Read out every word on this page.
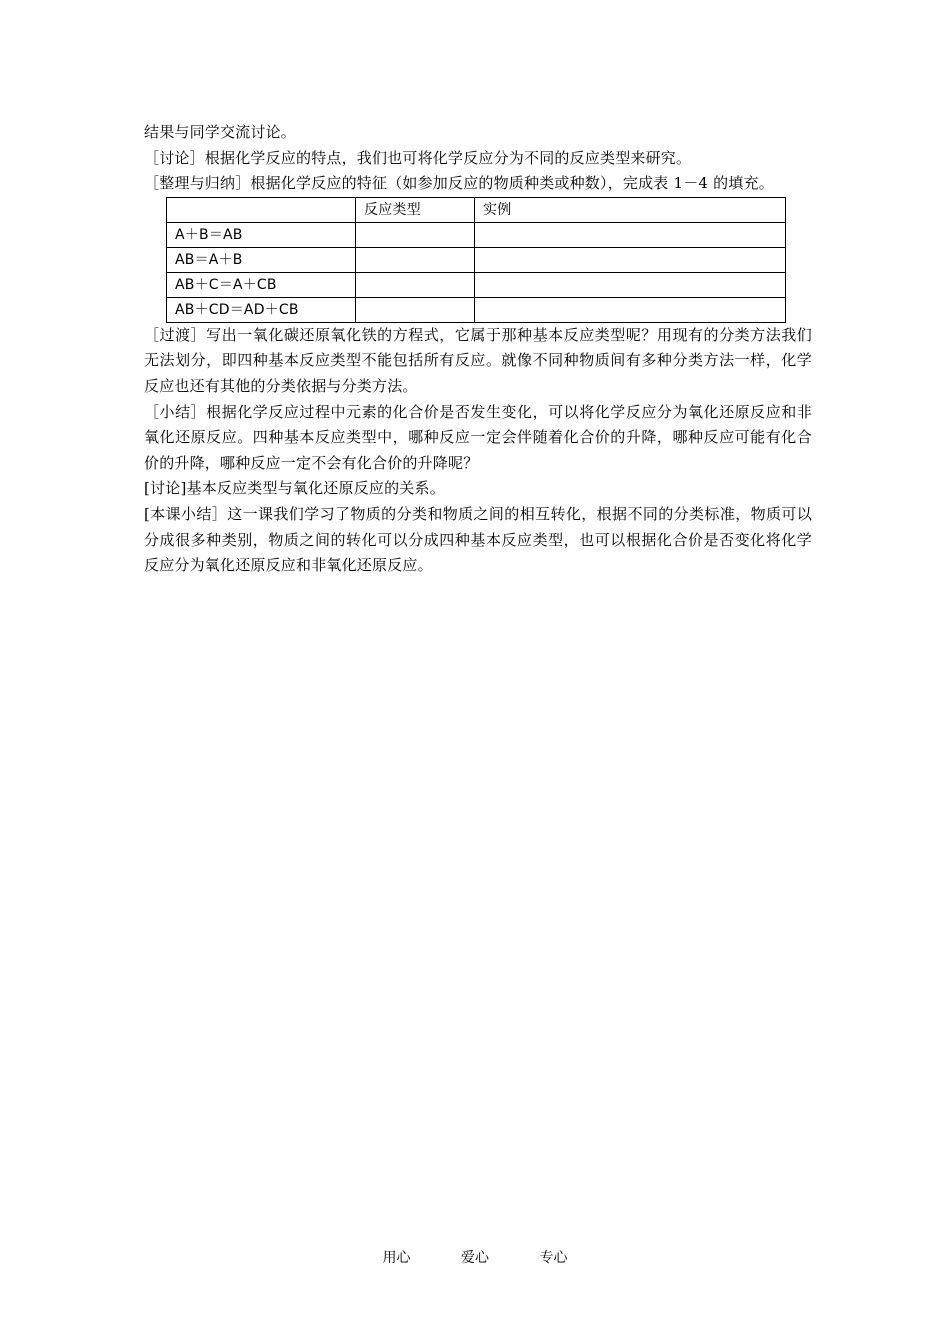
结果与同学交流讨论。

［讨论］根据化学反应的特点，我们也可将化学反应分为不同的反应类型来研究。

［整理与归纳］根据化学反应的特征（如参加反应的物质种类或种数），完成表 1－4 的填充。

	反应类型	实例
A＋B＝AB		
AB＝A＋B		
AB＋C＝A＋CB		
AB＋CD＝AD＋CB		

［过渡］写出一氧化碳还原氧化铁的方程式，它属于那种基本反应类型呢？用现有的分类方法我们无法划分，即四种基本反应类型不能包括所有反应。就像不同种物质间有多种分类方法一样，化学反应也还有其他的分类依据与分类方法。

［小结］根据化学反应过程中元素的化合价是否发生变化，可以将化学反应分为氧化还原反应和非氧化还原反应。四种基本反应类型中，哪种反应一定会伴随着化合价的升降，哪种反应可能有化合价的升降，哪种反应一定不会有化合价的升降呢？

[讨论]基本反应类型与氧化还原反应的关系。

[本课小结］这一课我们学习了物质的分类和物质之间的相互转化，根据不同的分类标准，物质可以分成很多种类别，物质之间的转化可以分成四种基本反应类型，也可以根据化合价是否变化将化学反应分为氧化还原反应和非氧化还原反应。

用心	爱心	专心
